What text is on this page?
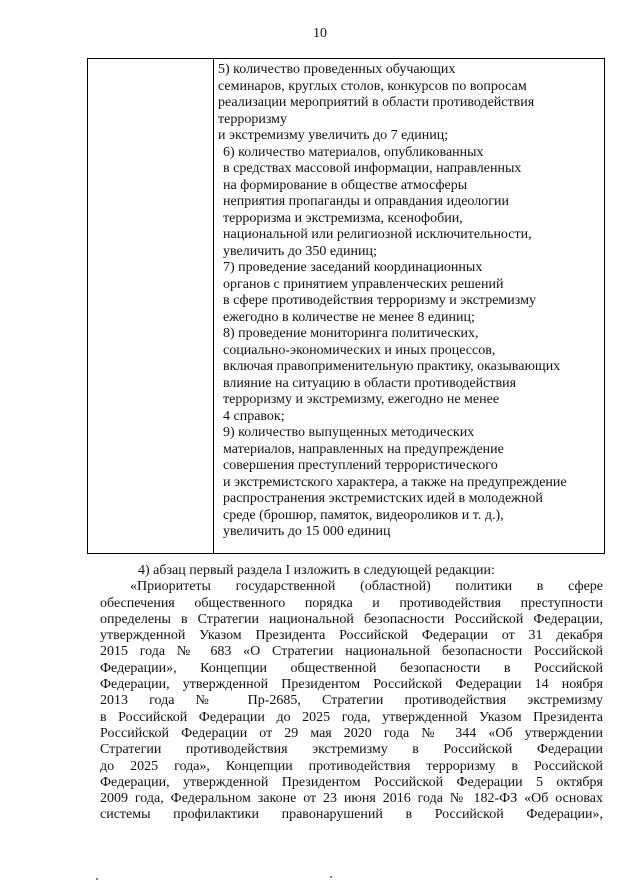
10
5) количество проведенных обучающих
семинаров, круглых столов, конкурсов по вопросам
реализации мероприятий в области противодействия
терроризму
и экстремизму увеличить до 7 единиц;
6) количество материалов, опубликованных
в средствах массовой информации, направленных
на формирование в обществе атмосферы
неприятия пропаганды и оправдания идеологии
терроризма и экстремизма, ксенофобии,
национальной или религиозной исключительности,
увеличить до 350 единиц;
7) проведение заседаний координационных
органов с принятием управленческих решений
в сфере противодействия терроризму и экстремизму
ежегодно в количестве не менее 8 единиц;
8) проведение мониторинга политических,
социально-экономических и иных процессов,
включая правоприменительную практику, оказывающих
влияние на ситуацию в области противодействия
терроризму и экстремизму, ежегодно не менее
4 справок;
9) количество выпущенных методических
материалов, направленных на предупреждение
совершения преступлений террористического
и экстремистского характера, а также на предупреждение
распространения экстремистских идей в молодежной
среде (брошюр, памяток, видеороликов и т. д.),
увеличить до 15 000 единиц
4) абзац первый раздела I изложить в следующей редакции:
«Приоритеты государственной (областной) политики в сфере
обеспечения общественного порядка и противодействия преступности
определены в Стратегии национальной безопасности Российской Федерации,
утвержденной Указом Президента Российской Федерации от 31 декабря
2015 года № 683 «О Стратегии национальной безопасности Российской
Федерации», Концепции общественной безопасности в Российской
Федерации, утвержденной Президентом Российской Федерации 14 ноября
2013 года № Пр-2685, Стратегии противодействия экстремизму
в Российской Федерации до 2025 года, утвержденной Указом Президента
Российской Федерации от 29 мая 2020 года № 344 «Об утверждении
Стратегии противодействия экстремизму в Российской Федерации
до 2025 года», Концепции противодействия терроризму в Российской
Федерации, утвержденной Президентом Российской Федерации 5 октября
2009 года, Федеральном законе от 23 июня 2016 года № 182-ФЗ «Об основах
системы профилактики правонарушений в Российской Федерации»,
